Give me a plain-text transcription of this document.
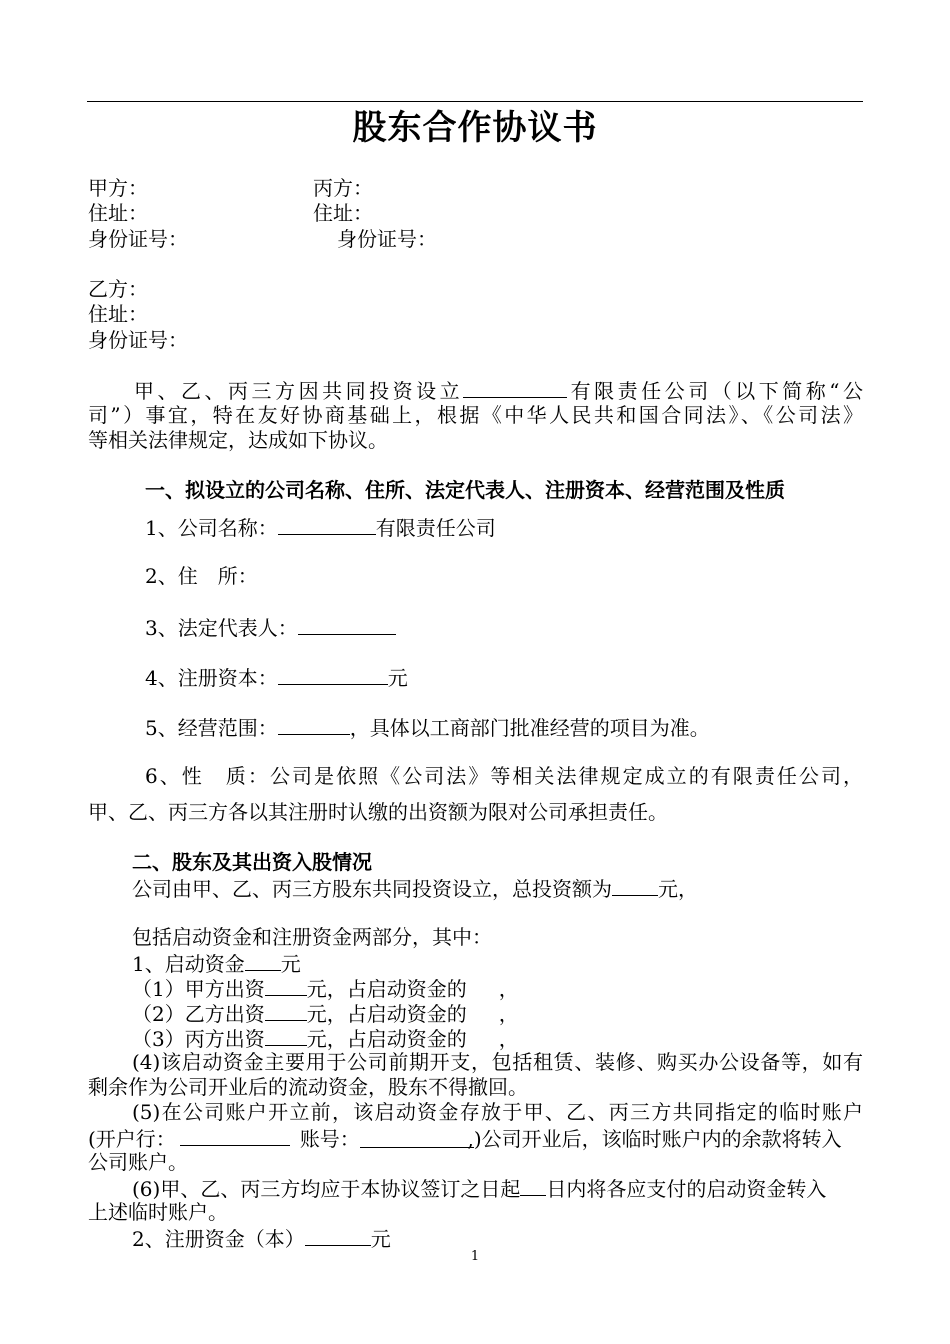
股东合作协议书
甲方：	丙方：
住址：	住址：
身份证号：	身份证号：
乙方：
住址：
身份证号：
甲、乙、丙三方因共同投资设立	有限责任公司（以下简称“公
司”）事宜，特在友好协商基础上，根据《中华人民共和国合同法》、《公司法》
等相关法律规定，达成如下协议。
一、拟设立的公司名称、住所、法定代表人、注册资本、经营范围及性质
1、公司名称：	有限责任公司
2、住　所：
3、法定代表人：
4、注册资本：	元
5、经营范围：	，具体以工商部门批准经营的项目为准。
6、性　质：公司是依照《公司法》等相关法律规定成立的有限责任公司，
甲、乙、丙三方各以其注册时认缴的出资额为限对公司承担责任。
二、股东及其出资入股情况
公司由甲、乙、丙三方股东共同投资设立，总投资额为 元，
包括启动资金和注册资金两部分，其中：
1、启动资金 元
（1）甲方出资 元，占启动资金的 ，
（2）乙方出资 元，占启动资金的 ，
（3）丙方出资 元，占启动资金的 ，
(4)该启动资金主要用于公司前期开支，包括租赁、装修、购买办公设备等，如有
剩余作为公司开业后的流动资金，股东不得撤回。
(5)在公司账户开立前，该启动资金存放于甲、乙、丙三方共同指定的临时账户
(开户行：	账号：	,)公司开业后，该临时账户内的余款将转入
公司账户。
(6)甲、乙、丙三方均应于本协议签订之日起 日内将各应支付的启动资金转入
上述临时账户。
2、注册资金（本）	元
1
